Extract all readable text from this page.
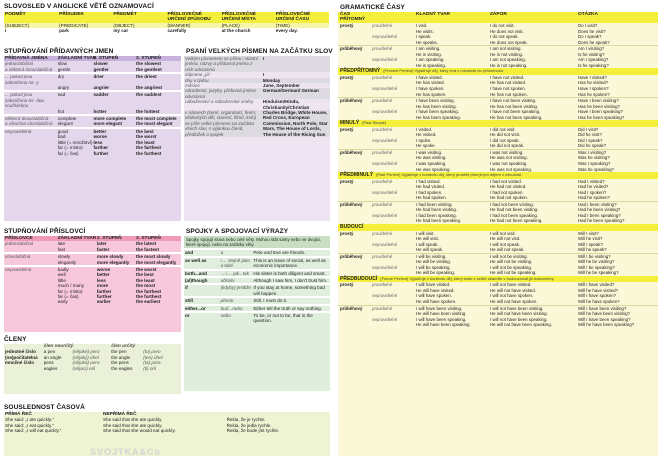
SLOVOSLED V ANGLICKÉ VĚTĚ OZNAMOVACÍ
PODMĚT	PŘÍSUDEK	PŘEDMĚT	PŘÍSLOVEČNÉ URČENÍ ZPŮSOBU	PŘÍSLOVEČNÉ URČENÍ MÍSTA	PŘÍSLOVEČNÉ URČENÍ ČASU
(SUBJECT)	(PREDICATE)	(OBJECT)	(MANNER)	(PLACE)	(TIME)
I	park	my car	carefully	at the church	every day.
STUPŇOVÁNÍ PŘÍDAVNÝCH JMEN
PŘÍDAVNÁ JMÉNA	ZÁKLADNÍ TVAR	2. STUPEŇ	3. STUPEŇ
jednoslabičná	slow	slower	the slowest
a některá dvouslabičná	gentle	gentler	the gentlest
... pokud jsou zakončena na -y	dry	drier	the driest
	angry	angrier	the angriest
... pokud jsou zakončena tvr- dou souhláskou	sad	sadder	the saddest
	hot	hotter	the hottest
některá dvouslabičná	complete	more complete	the most complete
a všechna víceslabičná	elegant	more elegant	the most elegant
nepravidelná	good	better	the best
	bad	worse	the worst
	little (= množství)	less	the least
	far (= místo)	farther	the farthest
	far (= čas)	further	the furthest
PSANÍ VELKÝCH PÍSMEN NA ZAČÁTKU SLOV
Velkým písmenem se píšou i vlastní jména, názvy a přídavná jména z nich odvozená	I
zájmeno „já“	I
dny v týdnu	Monday
měsíce	June, September
národnosti, jazyky, přídavná jména odvozená	German/German/ German
náboženství a náboženské směry	Hinduism/Hindu, Christianity/Christian
v názvech (zemí, organizací, firem, vědeckých děl, stavení, filmů, knih) se píše velké písmeno na začátku všech slov, s výjimkou členů, předložek a spojek	Charles Bridge, White House, Red Cross, European Commission, North Pole, Star Wars, The House of Lords, The House of the Rising Sun
STUPŇOVÁNÍ PŘÍSLOVCÍ
PŘÍSLOVCE	ZÁKLADNÍ TVAR	2. STUPEŇ	3. STUPEŇ
jednoslabičná	late	later	the latest
	fast	faster	the fastest
víceslabičná	slowly	more slowly	the most slowly
	elegantly	more elegantly	the most elegantly
nepravidelná	badly	worse	the worst
	well	better	the best
	little	less	the least
	much / many	more	the most
	far (= místo)	farther	the farthest
	far (= čas)	further	the furthest
	early	earlier	the earliest
SPOJKY A SPOJOVACÍ VÝRAZY
Spojky spojují slova nebo celé věty. Mohou stát samy nebo ve dvojici, které spojují, nebo na začátku věty.
and	a	Pete and Eve are friends.
as well as	i ... stejně jako a také	This is an issue of social, as well as economic importance.
both...and	... i ... jak...tak	His sister is both diligent and smart.
(al)though	ačkoliv	Although I saw him, I don't trust him.
if	(kdyby) jestliže	If you stay at home, something bad will happen.
still	přesto	Still, I must do it.
either...or	buď...nebo	Either tell the truth or say nothing.
or	nebo	To be, or not to be, that is the question.
ČLENY
	člen neurčitý		člen určitý	
jednotné číslo	a pen	(nějaké) pero	the pen	(to) pero
(ne)počitatelná	an angle	(nějaký) úhel	the angle	(ten) úhel
množné číslo	pens	(nějaká) pera	the pens	(ta) pera
	eagles	(nějací) orli	the eagles	(ti) orli
SOUSLEDNOST ČASOVÁ
PŘÍMÁ ŘEČ	NEPŘÍMÁ ŘEČ	
She said: „I ate quickly.“	She said that she ate quickly.	Řekla, že je rychle.
She said: „I eat quickly.“	She said that she ate quickly.	Řekla, že jedla rychle.
She said: „I will eat quickly.“	She said that she would eat quickly.	Řekla, že bude jíst rychle.
SVOJTKA&Co
GRAMATICKÉ ČASY
ČAS PŘÍTOMNÝ
KLADNÝ TVAR	ZÁPOR	OTÁZKA
prostý	pravidelné	I visit.	I do not visit.	Do I visit?
He visits.	He does not visit.	Does he visit?
nepravidelné	I speak.	I do not speak.	Do I speak?
He speaks.	He does not speak.	Does he speak?
průběhový	pravidelné	I am visiting.	I am not visiting.	Am I visiting?
He is visiting.	He is not visiting.	Is he visiting?
nepravidelné	I am speaking.	I am not speaking.	Am I speaking?
He is speaking.	He is not speaking.	Is he speaking?
PŘEDPŘÍTOMNÝ (Present Perfect) Vyjadřuje děj, který trvá z minulosti do přítomnosti.
prostý	pravidelné	I have visited.	I have not visited.	Have I visited?
He has visited.	He has not visited.	Has he visited?
nepravidelné	I have spoken.	I have not spoken.	Have I spoken?
He has spoken.	He has not spoken.	Has he spoken?
průběhový	pravidelné	I have been visiting.	I have not been visiting.	Have I been visiting?
He has been visiting.	He has not been visiting.	Has he been visiting?
nepravidelné	I have been speaking.	I have not been speaking.	Have I been speaking?
He has been speaking.	He has not been speaking.	Has he been speaking?
MINULÝ (Past Simple)
prostý	pravidelné	I visited.	I did not visit.	Did I visit?
He visited.	He did not visit.	Did he visit?
nepravidelné	I spoke.	I did not speak.	Did I speak?
He spoke.	He did not speak.	Did he speak?
průběhový	pravidelné	I was visiting.	I was not visiting.	Was I visiting?
He was visiting.	He was not visiting.	Was he visiting?
nepravidelné	I was speaking.	I was not speaking.	Was I speaking?
He was speaking.	He was not speaking.	Was he speaking?
PŘEDMINULÝ (Past Perfect) Vyjadřuje v kontextu děj, který proběhl před jiným dějem v minulosti.
prostý	pravidelné	I had visited.	I had not visited.	Had I visited?
He had visited.	He had not visited.	Had he visited?
nepravidelné	I had spoken.	I had not spoken.	Had I spoken?
He had spoken.	He had not spoken.	Had he spoken?
průběhový	pravidelné	I had been visiting.	I had not been visiting.	Had I been visiting?
He had been visiting.	He had not been visiting.	Had he been visiting?
nepravidelné	I had been speaking.	I had not been speaking.	Had I been speaking?
He had been speaking.	He had not been speaking.	Had he been speaking?
BUDOUCÍ
prostý	pravidelné	I will visit.	I will not visit.	Will I visit?
He will visit.	He will not visit.	Will he visit?
nepravidelné	I will speak.	I will not speak.	Will I speak?
He will speak.	He will not speak.	Will he speak?
průběhový	pravidelné	I will be visiting.	I will not be visiting.	Will I be visiting?
He will be visiting.	He will not be visiting.	Will he be visiting?
nepravidelné	I will be speaking.	I will not be speaking.	Will I be speaking?
He will be speaking.	He will not be speaking.	Will he be speaking?
PŘEDBUDOUCÍ (Future Perfect) Vyjadřuje v kontextu děj, který bude v určité okamžik v budoucnosti již dokončený.
prostý	pravidelné	I will have visited.	I will not have visited.	Will I have visited?
He will have visited.	He will not have visited.	Will he have visited?
nepravidelné	I will have spoken.	I will not have spoken.	Will I have spoken?
He will have spoken.	He will not have spoken.	Will he have spoken?
průběhový	pravidelné	I will have been visiting.	I will not have been visiting.	Will I have been visiting?
He will have been visiting.	He will not have been visiting.	Will he have been visiting?
nepravidelné	I will have been speaking.	I will not have been speaking.	Will I have been speaking?
He will have been speaking.	He will not have been speaking.	Will he have been speaking?
